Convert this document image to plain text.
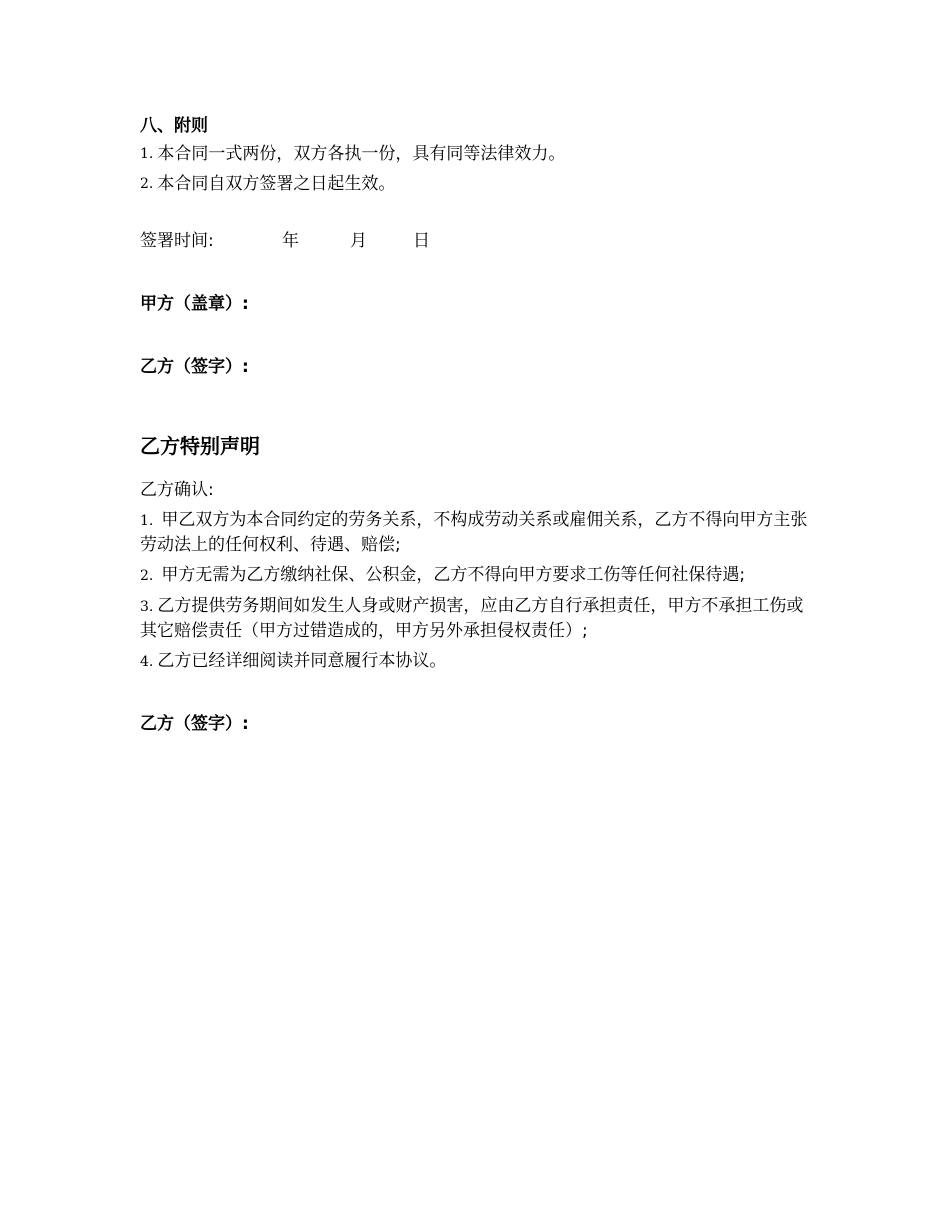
八、附则
1. 本合同一式两份，双方各执一份，具有同等法律效力。
2. 本合同自双方签署之日起生效。
签署时间:	年	月	日
甲方（盖章）:
乙方（签字）:
乙方特别声明
乙方确认:
1. 甲乙双方为本合同约定的劳务关系，不构成劳动关系或雇佣关系，乙方不得向甲方主张劳动法上的任何权利、待遇、赔偿;
2. 甲方无需为乙方缴纳社保、公积金，乙方不得向甲方要求工伤等任何社保待遇;
3. 乙方提供劳务期间如发生人身或财产损害，应由乙方自行承担责任，甲方不承担工伤或其它赔偿责任（甲方过错造成的，甲方另外承担侵权责任）;
4. 乙方已经详细阅读并同意履行本协议。
乙方（签字）:
